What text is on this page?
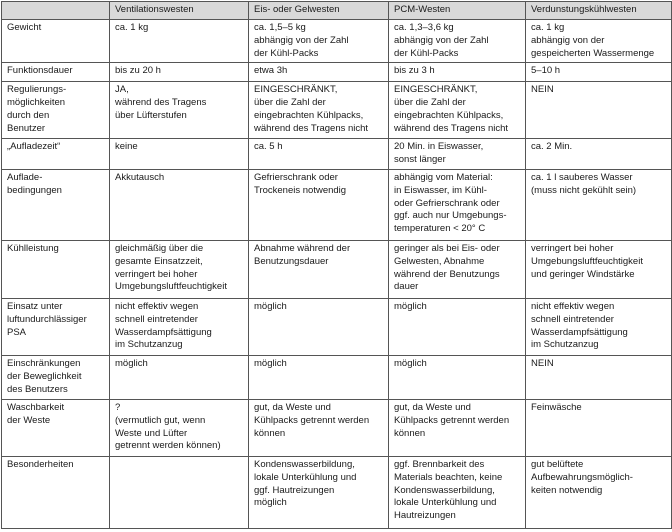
	Ventilationswesten	Eis- oder Gelwesten	PCM-Westen	Verdunstungskühlwesten
Gewicht	ca. 1 kg	ca. 1,5–5 kg
abhängig von der Zahl
der Kühl-Packs	ca. 1,3–3,6 kg
abhängig von der Zahl
der Kühl-Packs	ca. 1 kg
abhängig von der
gespeicherten Wassermenge
Funktionsdauer	bis zu 20 h	etwa 3h	bis zu 3 h	5–10 h
Regulierungs-
möglichkeiten
durch den
Benutzer	JA,
während des Tragens
über Lüfterstufen	EINGESCHRÄNKT,
über die Zahl der
eingebrachten Kühlpacks,
während des Tragens nicht	EINGESCHRÄNKT,
über die Zahl der
eingebrachten Kühlpacks,
während des Tragens nicht	NEIN
„Aufladezeit“	keine	ca. 5 h	20 Min. in Eiswasser,
sonst länger	ca. 2 Min.
Auflade-
bedingungen	Akkutausch	Gefrierschrank oder
Trockeneis notwendig	abhängig vom Material:
in Eiswasser, im Kühl-
oder Gefrierschrank oder
ggf. auch nur Umgebungs-
temperaturen < 20° C	ca. 1 l sauberes Wasser
(muss nicht gekühlt sein)
Kühlleistung	gleichmäßig über die
gesamte Einsatzzeit,
verringert bei hoher
Umgebungsluftfeuchtigkeit	Abnahme während der
Benutzungsdauer	geringer als bei Eis- oder
Gelwesten, Abnahme
während der Benutzungs
dauer	verringert bei hoher
Umgebungsluftfeuchtigkeit
und geringer Windstärke
Einsatz unter
luftundurchlässiger
PSA	nicht effektiv wegen
schnell eintretender
Wasserdampfsättigung
im Schutzanzug	möglich	möglich	nicht effektiv wegen
schnell eintretender
Wasserdampfsättigung
im Schutzanzug
Einschränkungen
der Beweglichkeit
des Benutzers	möglich	möglich	möglich	NEIN
Waschbarkeit
der Weste	?
(vermutlich gut, wenn
Weste und Lüfter
getrennt werden können)	gut, da Weste und
Kühlpacks getrennt werden
können	gut, da Weste und
Kühlpacks getrennt werden
können	Feinwäsche
Besonderheiten		Kondenswasserbildung,
lokale Unterkühlung und
ggf. Hautreizungen
möglich	ggf. Brennbarkeit des
Materials beachten, keine
Kondenswasserbildung,
lokale Unterkühlung und
Hautreizungen	gut belüftete
Aufbewahrungsmöglich-
keiten notwendig
